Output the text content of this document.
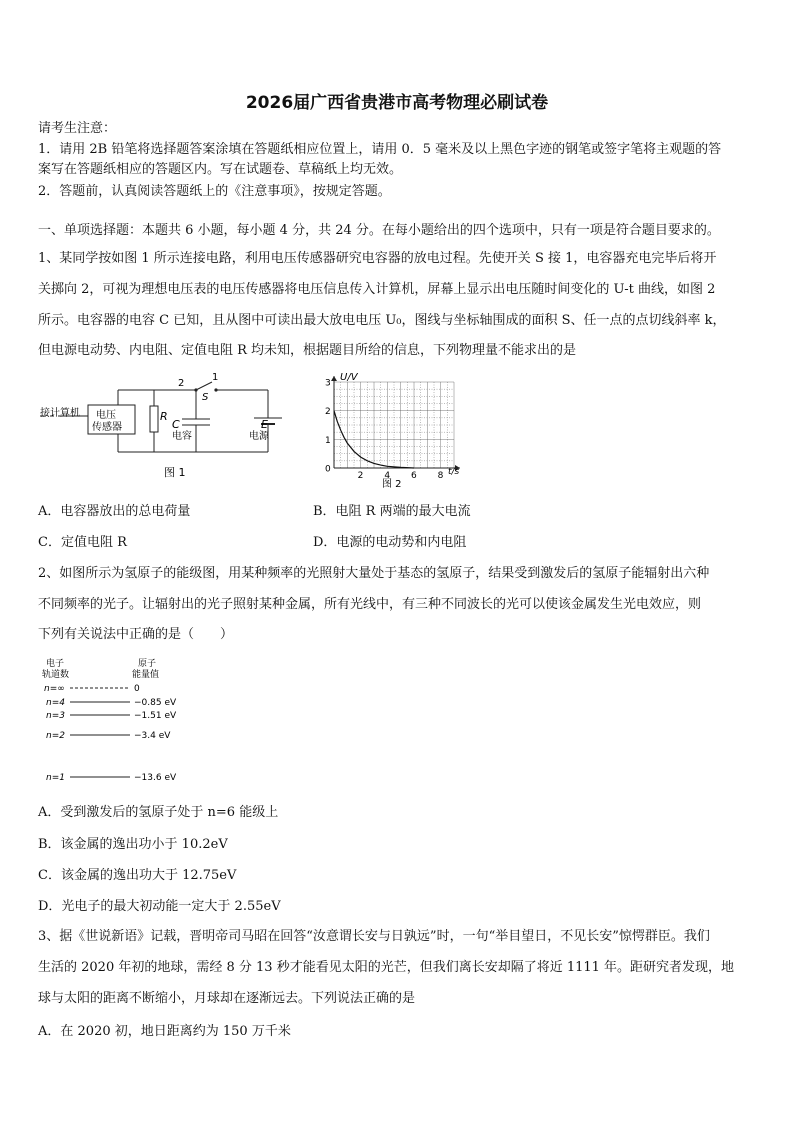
2026届广西省贵港市高考物理必刷试卷
请考生注意：
1．请用 2B 铅笔将选择题答案涂填在答题纸相应位置上，请用 0．5 毫米及以上黑色字迹的钢笔或签字笔将主观题的答
案写在答题纸相应的答题区内。写在试题卷、草稿纸上均无效。
2．答题前，认真阅读答题纸上的《注意事项》，按规定答题。
一、单项选择题：本题共 6 小题，每小题 4 分，共 24 分。在每小题给出的四个选项中，只有一项是符合题目要求的。
1、某同学按如图 1 所示连接电路，利用电压传感器研究电容器的放电过程。先使开关 S 接 1，电容器充电完毕后将开
关掷向 2，可视为理想电压表的电压传感器将电压信息传入计算机，屏幕上显示出电压随时间变化的 U-t 曲线，如图 2
所示。电容器的电容 C 已知，且从图中可读出最大放电电压 U₀，图线与坐标轴围成的面积 S、任一点的点切线斜率 k，
但电源电动势、内电阻、定值电阻 R 均未知，根据题目所给的信息，下列物理量不能求出的是
接计算机 电压
传感器
R
C
电容
E
电源
2
1
S
图 1	0
1
2
3
2 4 6 8
U/V
t/s
图 2
A．电容器放出的总电荷量	B．电阻 R 两端的最大电流
C．定值电阻 R	D．电源的电动势和内电阻
2、如图所示为氢原子的能级图，用某种频率的光照射大量处于基态的氢原子，结果受到激发后的氢原子能辐射出六种
不同频率的光子。让辐射出的光子照射某种金属，所有光线中，有三种不同波长的光可以使该金属发生光电效应，则
下列有关说法中正确的是（　　）
电子
轨道数
原子
能量值
n=∞
n=4
n=3
n=2
n=1
0
−0.85 eV
−1.51 eV
−3.4 eV
−13.6 eV
A．受到激发后的氢原子处于 n=6 能级上
B．该金属的逸出功小于 10.2eV
C．该金属的逸出功大于 12.75eV
D．光电子的最大初动能一定大于 2.55eV
3、据《世说新语》记载，晋明帝司马昭在回答“汝意谓长安与日孰远”时，一句“举目望日，不见长安”惊愕群臣。我们
生活的 2020 年初的地球，需经 8 分 13 秒才能看见太阳的光芒，但我们离长安却隔了将近 1111 年。距研究者发现，地
球与太阳的距离不断缩小，月球却在逐渐远去。下列说法正确的是
A．在 2020 初，地日距离约为 150 万千米
